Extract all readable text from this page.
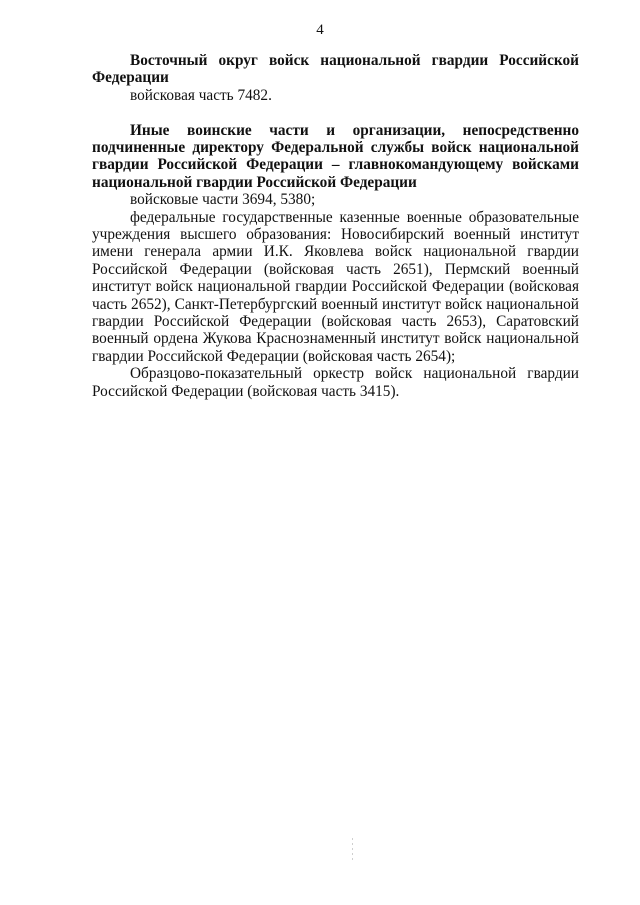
4

Восточный округ войск национальной гвардии Российской Федерации

войсковая часть 7482.

Иные воинские части и организации, непосредственно подчиненные директору Федеральной службы войск национальной гвардии Российской Федерации – главнокомандующему войсками национальной гвардии Российской Федерации

войсковые части 3694, 5380;

федеральные государственные казенные военные образовательные учреждения высшего образования: Новосибирский военный институт имени генерала армии И.К. Яковлева войск национальной гвардии Российской Федерации (войсковая часть 2651), Пермский военный институт войск национальной гвардии Российской Федерации (войсковая часть 2652), Санкт-Петербургский военный институт войск национальной гвардии Российской Федерации (войсковая часть 2653), Саратовский военный ордена Жукова Краснознаменный институт войск национальной гвардии Российской Федерации (войсковая часть 2654);

Образцово-показательный оркестр войск национальной гвардии Российской Федерации (войсковая часть 3415).
